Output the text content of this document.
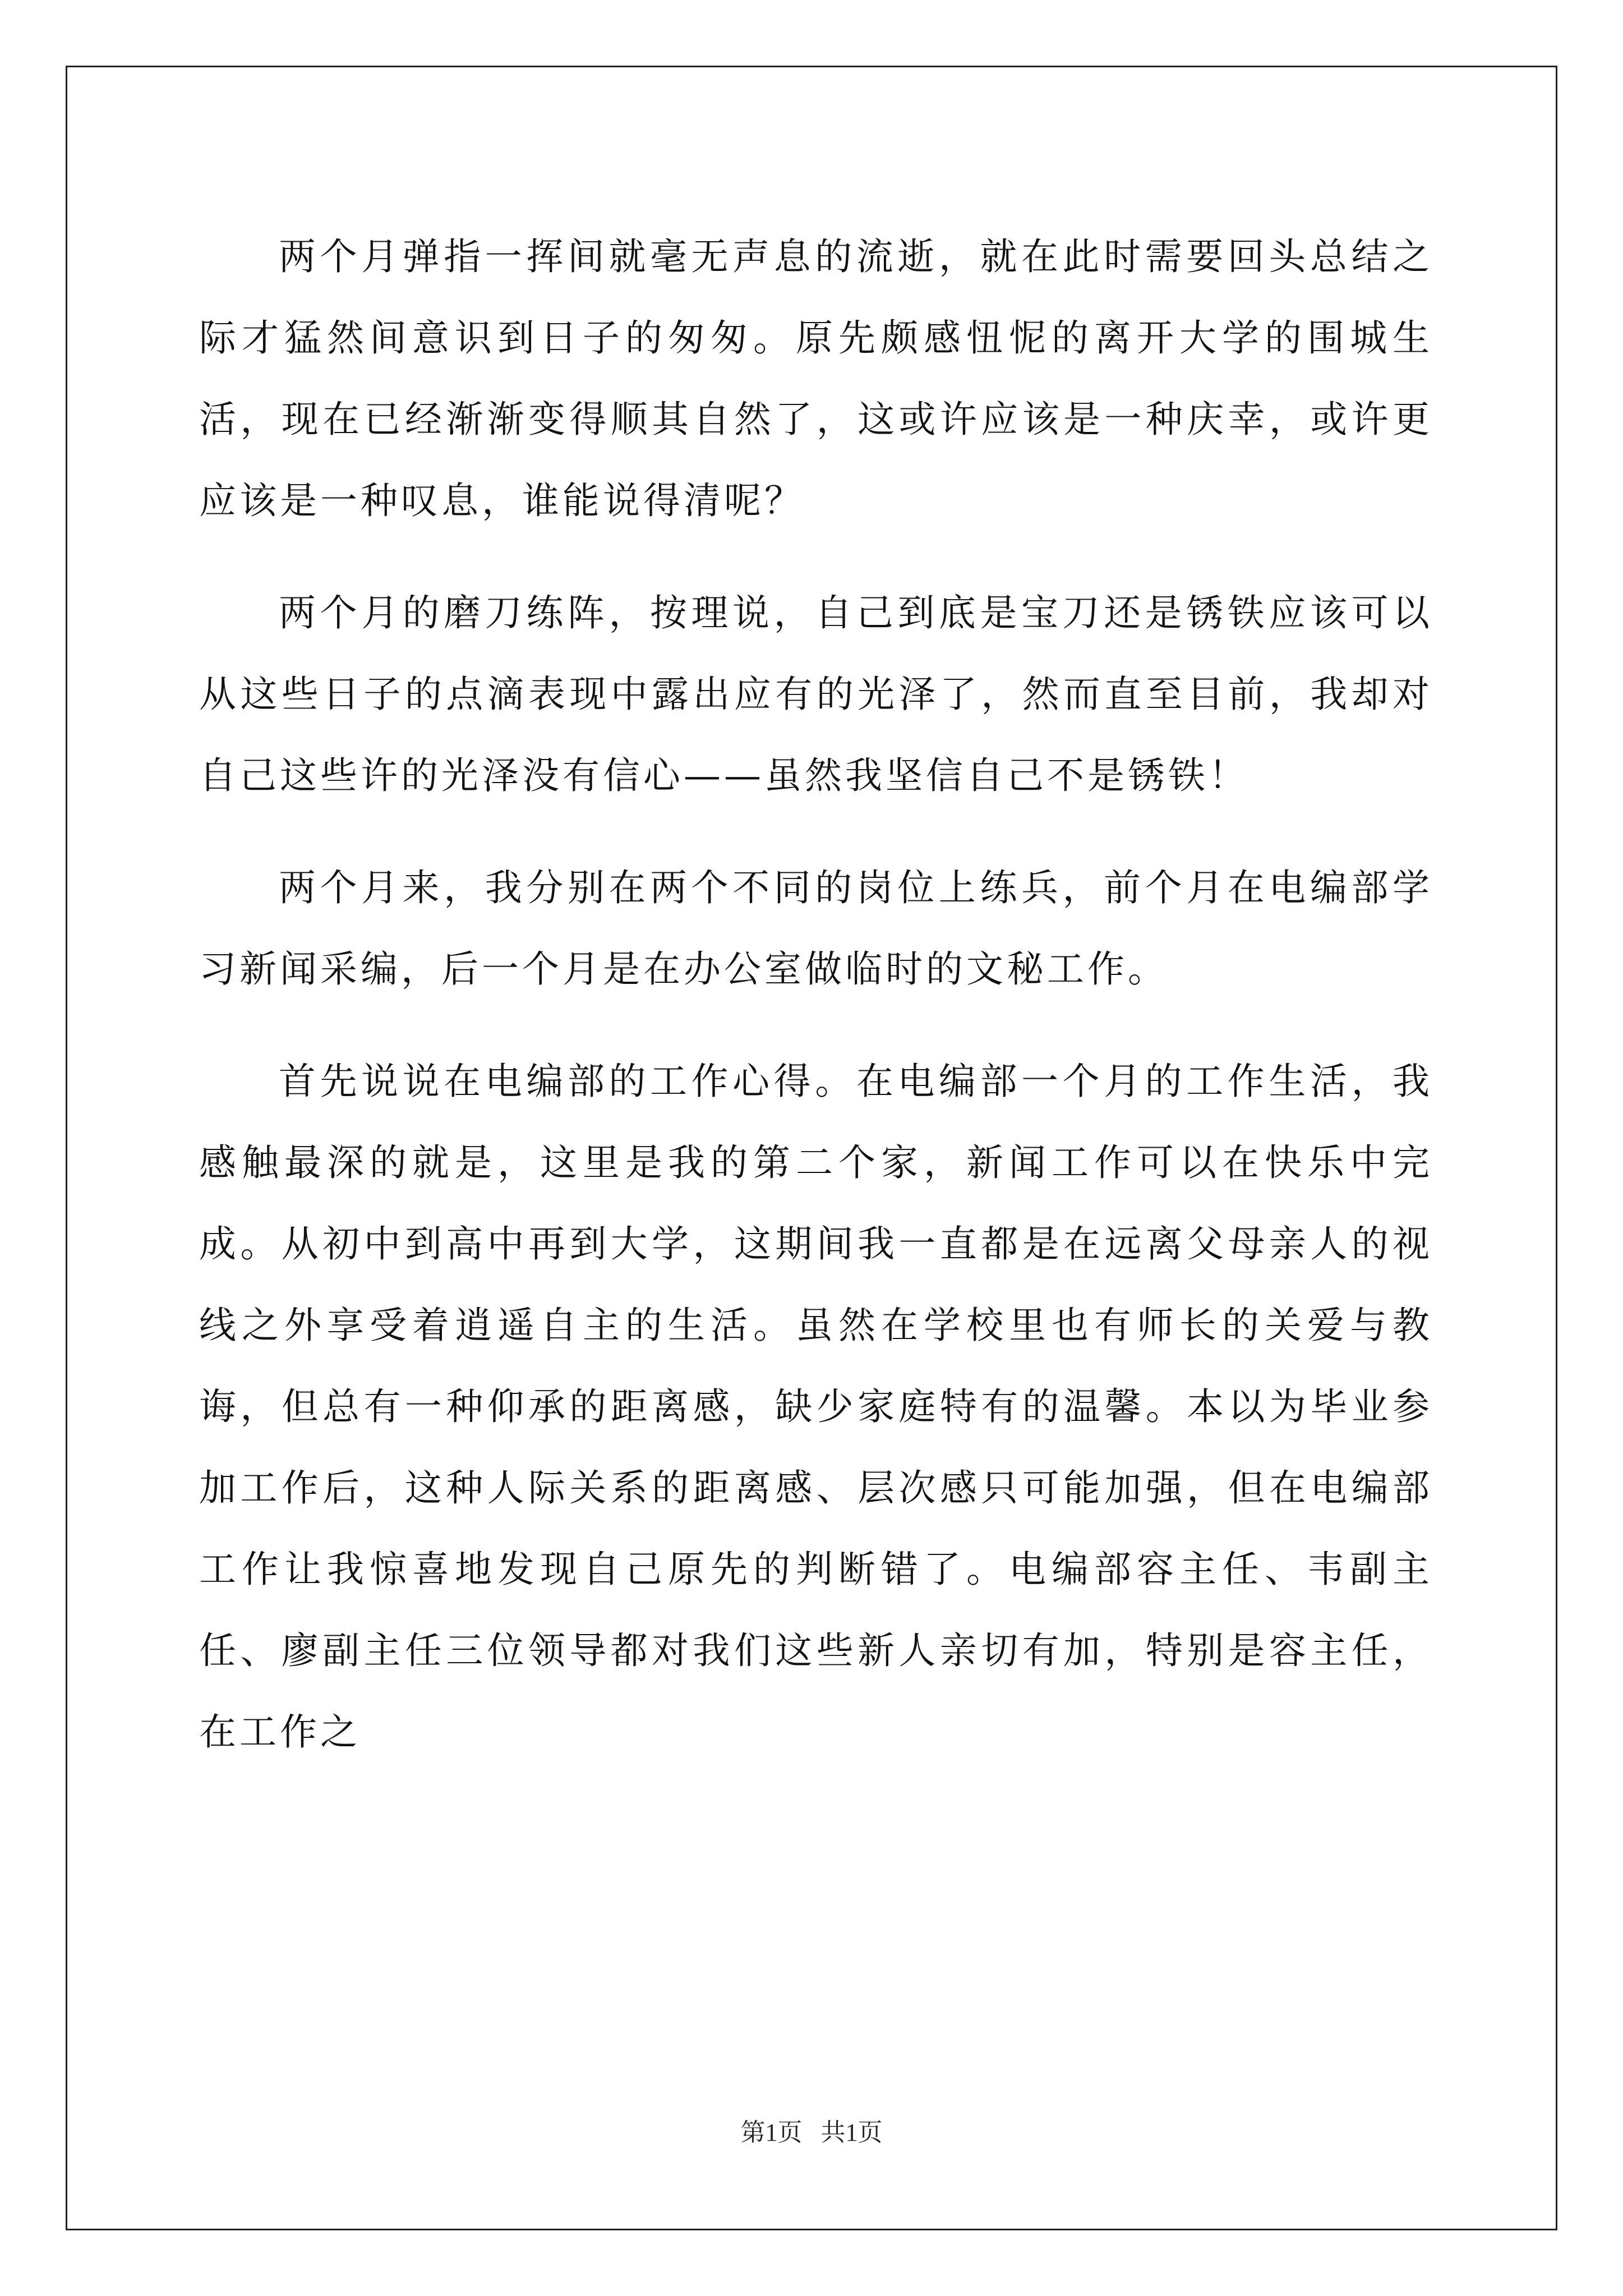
两个月弹指一挥间就毫无声息的流逝，就在此时需要回头总结之际才猛然间意识到日子的匆匆。原先颇感忸怩的离开大学的围城生活，现在已经渐渐变得顺其自然了，这或许应该是一种庆幸，或许更应该是一种叹息，谁能说得清呢？

两个月的磨刀练阵，按理说，自己到底是宝刀还是锈铁应该可以从这些日子的点滴表现中露出应有的光泽了，然而直至目前，我却对自己这些许的光泽没有信心——虽然我坚信自己不是锈铁！

两个月来，我分别在两个不同的岗位上练兵，前个月在电编部学习新闻采编，后一个月是在办公室做临时的文秘工作。

首先说说在电编部的工作心得。在电编部一个月的工作生活，我感触最深的就是，这里是我的第二个家，新闻工作可以在快乐中完成。从初中到高中再到大学，这期间我一直都是在远离父母亲人的视线之外享受着逍遥自主的生活。虽然在学校里也有师长的关爱与教诲，但总有一种仰承的距离感，缺少家庭特有的温馨。本以为毕业参加工作后，这种人际关系的距离感、层次感只可能加强，但在电编部工作让我惊喜地发现自己原先的判断错了。电编部容主任、韦副主任、廖副主任三位领导都对我们这些新人亲切有加，特别是容主任，在工作之

第1页 共1页
